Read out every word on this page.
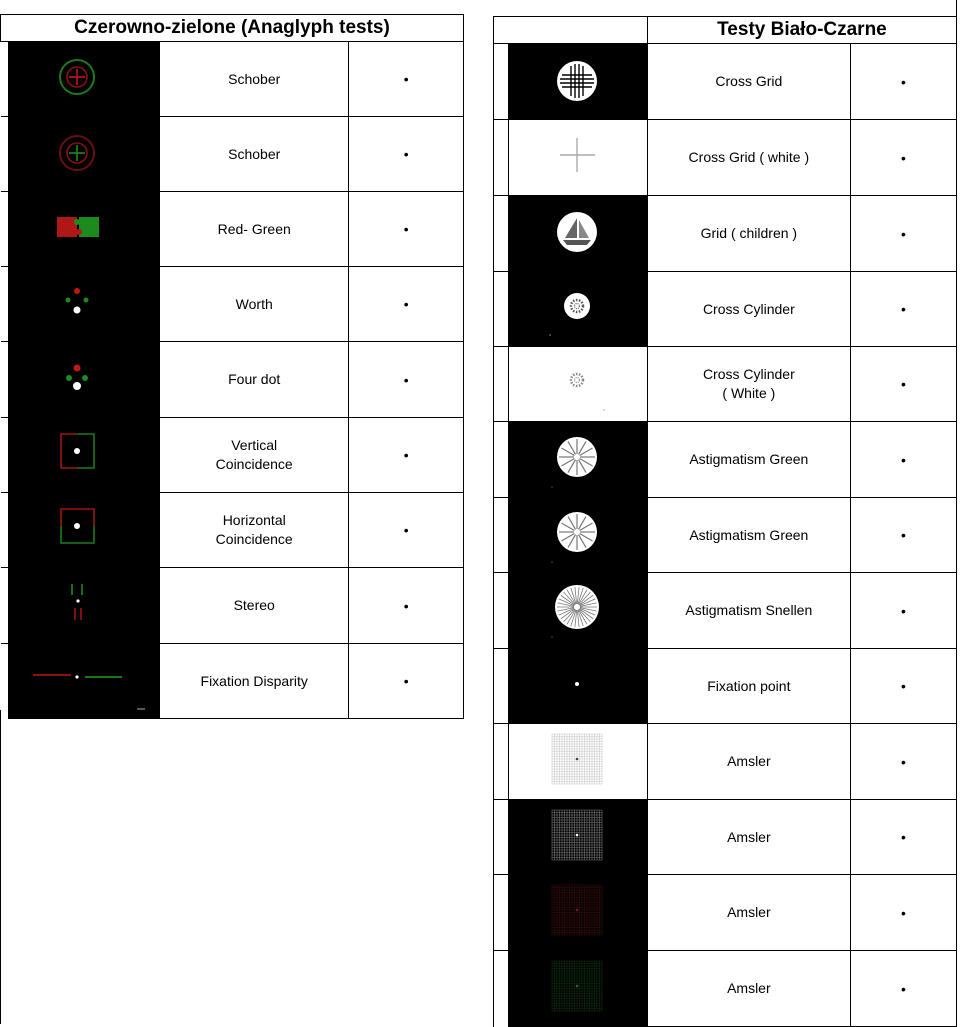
Czerowno-zielone (Anaglyph tests)			

	Schober	•

	Schober	•

	Red- Green	•

	Worth	•

	Four dot	•

	Vertical
Coincidence	•

	Horizontal
Coincidence	•

	Stereo	•

	Fixation Disparity	•
		Testy Biało-Czarne	

	Cross Grid	•

	Cross Grid ( white )	•

	Grid ( children )	•

	Cross Cylinder	•

	Cross Cylinder
( White )	•

	Astigmatism Green	•

	Astigmatism Green	•

	Astigmatism Snellen	•

	Fixation point	•

	Amsler	•

	Amsler	•

	Amsler	•

	Amsler	•
